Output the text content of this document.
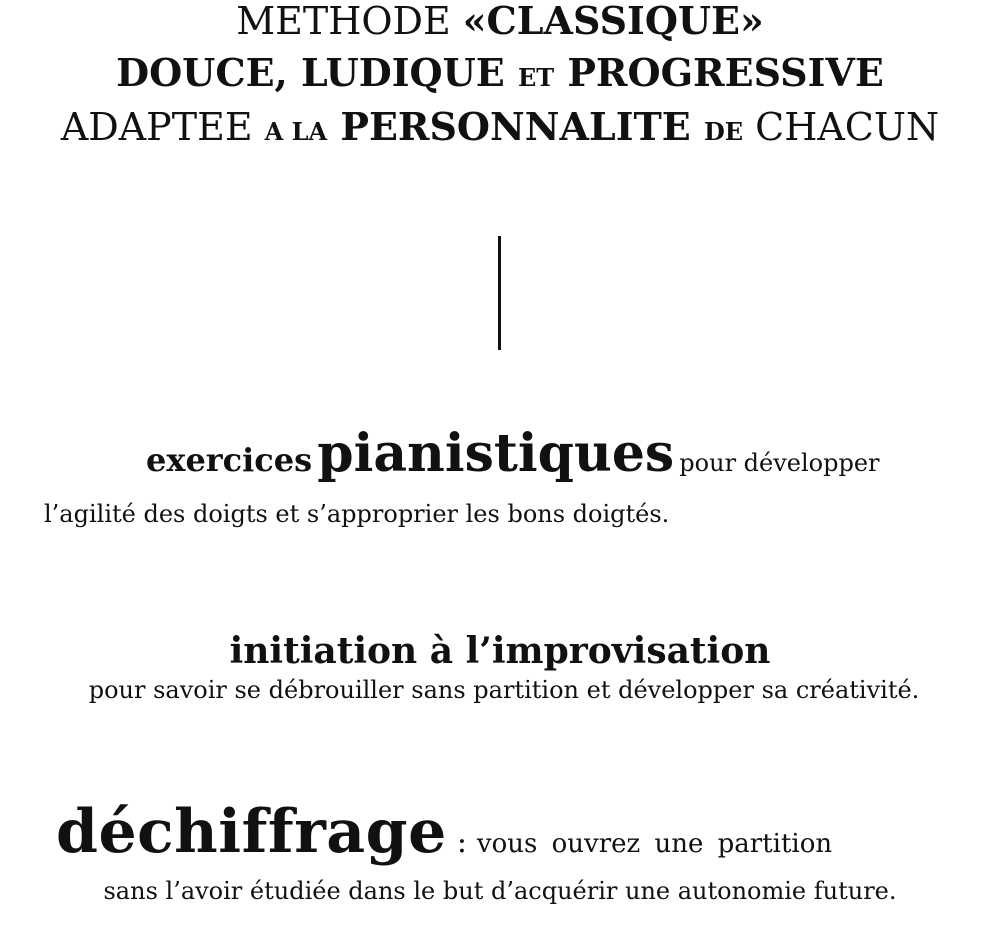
METHODE «CLASSIQUE»
DOUCE, LUDIQUE ET PROGRESSIVE
ADAPTEE A LA PERSONNALITE DE CHACUN
exercices pianistiques pour développer
l’agilité des doigts et s’approprier les bons doigtés.
initiation à l’improvisation
pour savoir se débrouiller sans partition et développer sa créativité.
déchiffrage : vous ouvrez une partition
sans l’avoir étudiée dans le but d’acquérir une autonomie future.
